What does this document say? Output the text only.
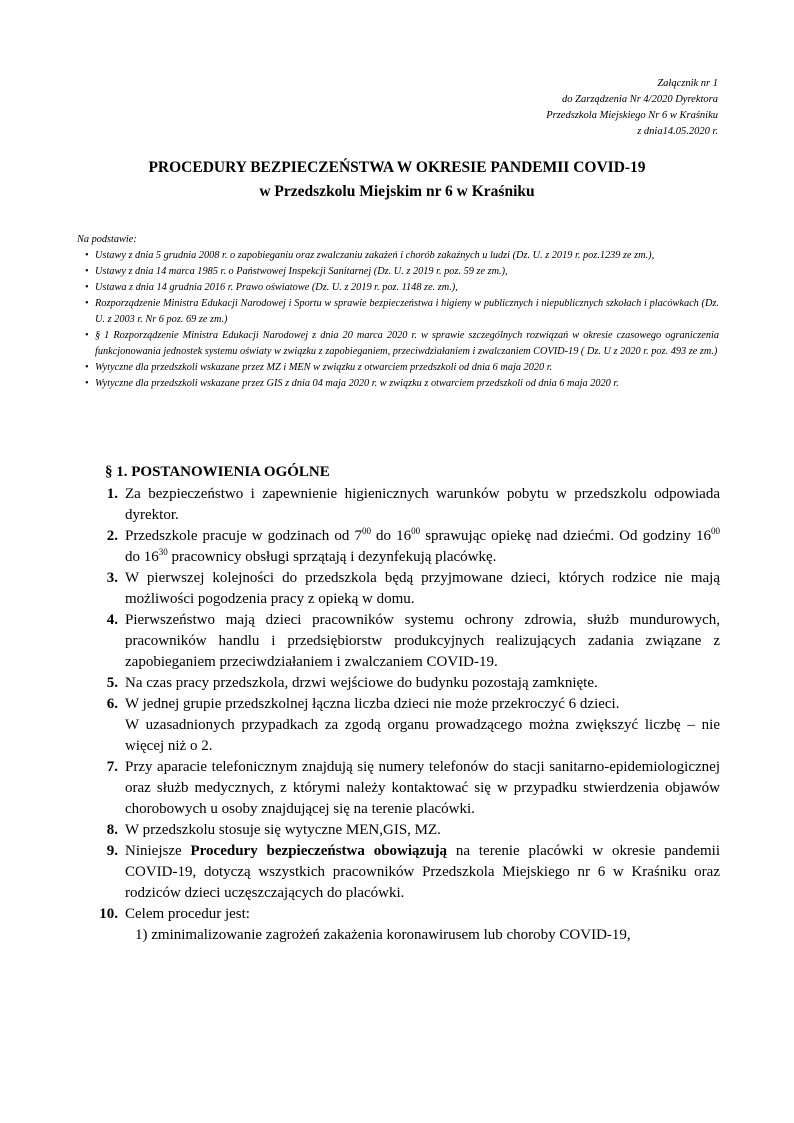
Załącznik nr 1
do Zarządzenia Nr 4/2020 Dyrektora
Przedszkola Miejskiego Nr 6 w Kraśniku
z dnia14.05.2020 r.
PROCEDURY BEZPIECZEŃSTWA W OKRESIE PANDEMII COVID-19
w Przedszkolu Miejskim nr 6 w Kraśniku
Na podstawie:
• Ustawy z dnia 5 grudnia 2008 r. o zapobieganiu oraz zwalczaniu zakażeń i chorób zakaźnych u ludzi (Dz. U. z 2019 r. poz.1239 ze zm.),
• Ustawy z dnia 14 marca 1985 r. o Państwowej Inspekcji Sanitarnej (Dz. U. z 2019 r. poz. 59 ze zm.),
• Ustawa z dnia 14 grudnia 2016 r. Prawo oświatowe (Dz. U. z 2019 r. poz. 1148 ze. zm.),
• Rozporządzenie Ministra Edukacji Narodowej i Sportu w sprawie bezpieczeństwa i higieny w publicznych i niepublicznych szkołach i placówkach (Dz. U. z 2003 r. Nr 6 poz. 69 ze zm.)
• § 1 Rozporządzenie Ministra Edukacji Narodowej z dnia 20 marca 2020 r. w sprawie szczególnych rozwiązań w okresie czasowego ograniczenia funkcjonowania jednostek systemu oświaty w związku z zapobieganiem, przeciwdziałaniem i zwalczaniem COVID-19 ( Dz. U z 2020 r. poz. 493 ze zm.)
• Wytyczne dla przedszkoli wskazane przez MZ i MEN w związku z otwarciem przedszkoli od dnia 6 maja 2020 r.
• Wytyczne dla przedszkoli wskazane przez GIS z dnia 04 maja 2020 r. w związku z otwarciem przedszkoli od dnia 6 maja 2020 r.
§ 1. POSTANOWIENIA OGÓLNE
1. Za bezpieczeństwo i zapewnienie higienicznych warunków pobytu w przedszkolu odpowiada dyrektor.
2. Przedszkole pracuje w godzinach od $7^{00}$ do $16^{00}$ sprawując opiekę nad dziećmi. Od godziny $16^{00}$ do $16^{30}$ pracownicy obsługi sprzątają i dezynfekują placówkę.
3. W pierwszej kolejności do przedszkola będą przyjmowane dzieci, których rodzice nie mają możliwości pogodzenia pracy z opieką w domu.
4. Pierwszeństwo mają dzieci pracowników systemu ochrony zdrowia, służb mundurowych, pracowników handlu i przedsiębiorstw produkcyjnych realizujących zadania związane z zapobieganiem przeciwdziałaniem i zwalczaniem COVID-19.
5. Na czas pracy przedszkola, drzwi wejściowe do budynku pozostają zamknięte.
6. W jednej grupie przedszkolnej łączna liczba dzieci nie może przekroczyć 6 dzieci.
W uzasadnionych przypadkach za zgodą organu prowadzącego można zwiększyć liczbę – nie więcej niż o 2.
7. Przy aparacie telefonicznym znajdują się numery telefonów do stacji sanitarno-epidemiologicznej oraz służb medycznych, z którymi należy kontaktować się w przypadku stwierdzenia objawów chorobowych u osoby znajdującej się na terenie placówki.
8. W przedszkolu stosuje się wytyczne MEN,GIS, MZ.
9. Niniejsze Procedury bezpieczeństwa obowiązują na terenie placówki w okresie pandemii COVID-19, dotyczą wszystkich pracowników Przedszkola Miejskiego nr 6 w Kraśniku oraz rodziców dzieci uczęszczających do placówki.
10. Celem procedur jest:
1) zminimalizowanie zagrożeń zakażenia koronawirusem lub choroby COVID-19,
